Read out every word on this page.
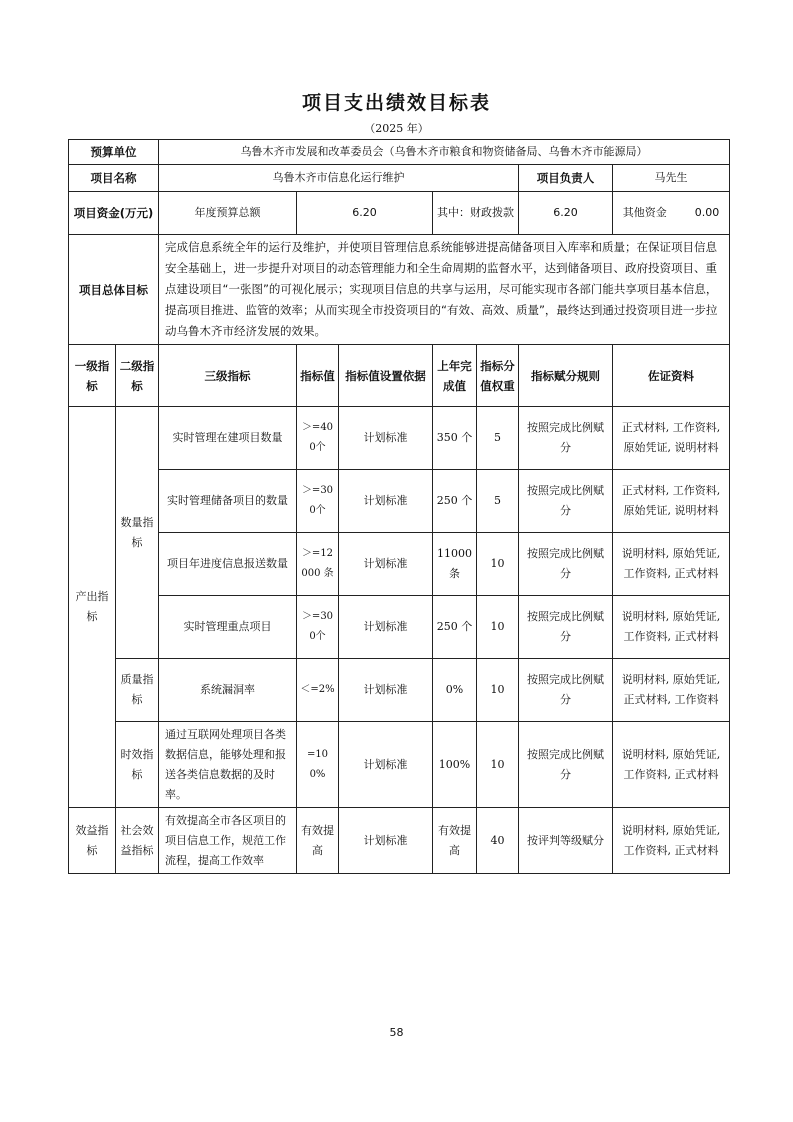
项目支出绩效目标表
（2025 年）
预算单位		乌鲁木齐市发展和改革委员会（乌鲁木齐市粮食和物资储备局、乌鲁木齐市能源局）						
项目名称		乌鲁木齐市信息化运行维护					项目负责人	马先生
项目资金(万元)		年度预算总额	6.20		其中：财政拨款		6.20	其他资金 0.00
项目总体目标		完成信息系统全年的运行及维护，并使项目管理信息系统能够进提高储备项目入库率和质量；在保证项目信息安全基础上，进一步提升对项目的动态管理能力和全生命周期的监督水平，达到储备项目、政府投资项目、重点建设项目“一张图”的可视化展示；实现项目信息的共享与运用，尽可能实现市各部门能共享项目基本信息，提高项目推进、监管的效率；从而实现全市投资项目的“有效、高效、质量”，最终达到通过投资项目进一步拉动乌鲁木齐市经济发展的效果。						
一级指标	二级指标	三级指标	指标值	指标值设置依据	上年完成值	指标分值权重	指标赋分规则	佐证资料
产出指标	数量指标	实时管理在建项目数量	＞=400个	计划标准	350 个	5	按照完成比例赋分	正式材料, 工作资料, 原始凭证, 说明材料
		实时管理储备项目的数量	＞=300个	计划标准	250 个	5	按照完成比例赋分	正式材料, 工作资料, 原始凭证, 说明材料
		项目年进度信息报送数量	＞=12000 条	计划标准	11000条	10	按照完成比例赋分	说明材料, 原始凭证, 工作资料, 正式材料
		实时管理重点项目	＞=300个	计划标准	250 个	10	按照完成比例赋分	说明材料, 原始凭证, 工作资料, 正式材料
	质量指标	系统漏洞率	＜=2%	计划标准	0%	10	按照完成比例赋分	说明材料, 原始凭证, 正式材料, 工作资料
	时效指标	通过互联网处理项目各类数据信息，能够处理和报送各类信息数据的及时率。	=100%	计划标准	100%	10	按照完成比例赋分	说明材料, 原始凭证, 工作资料, 正式材料
效益指标	社会效益指标	有效提高全市各区项目的项目信息工作，规范工作流程，提高工作效率	有效提高	计划标准	有效提高	40	按评判等级赋分	说明材料, 原始凭证, 工作资料, 正式材料
58
